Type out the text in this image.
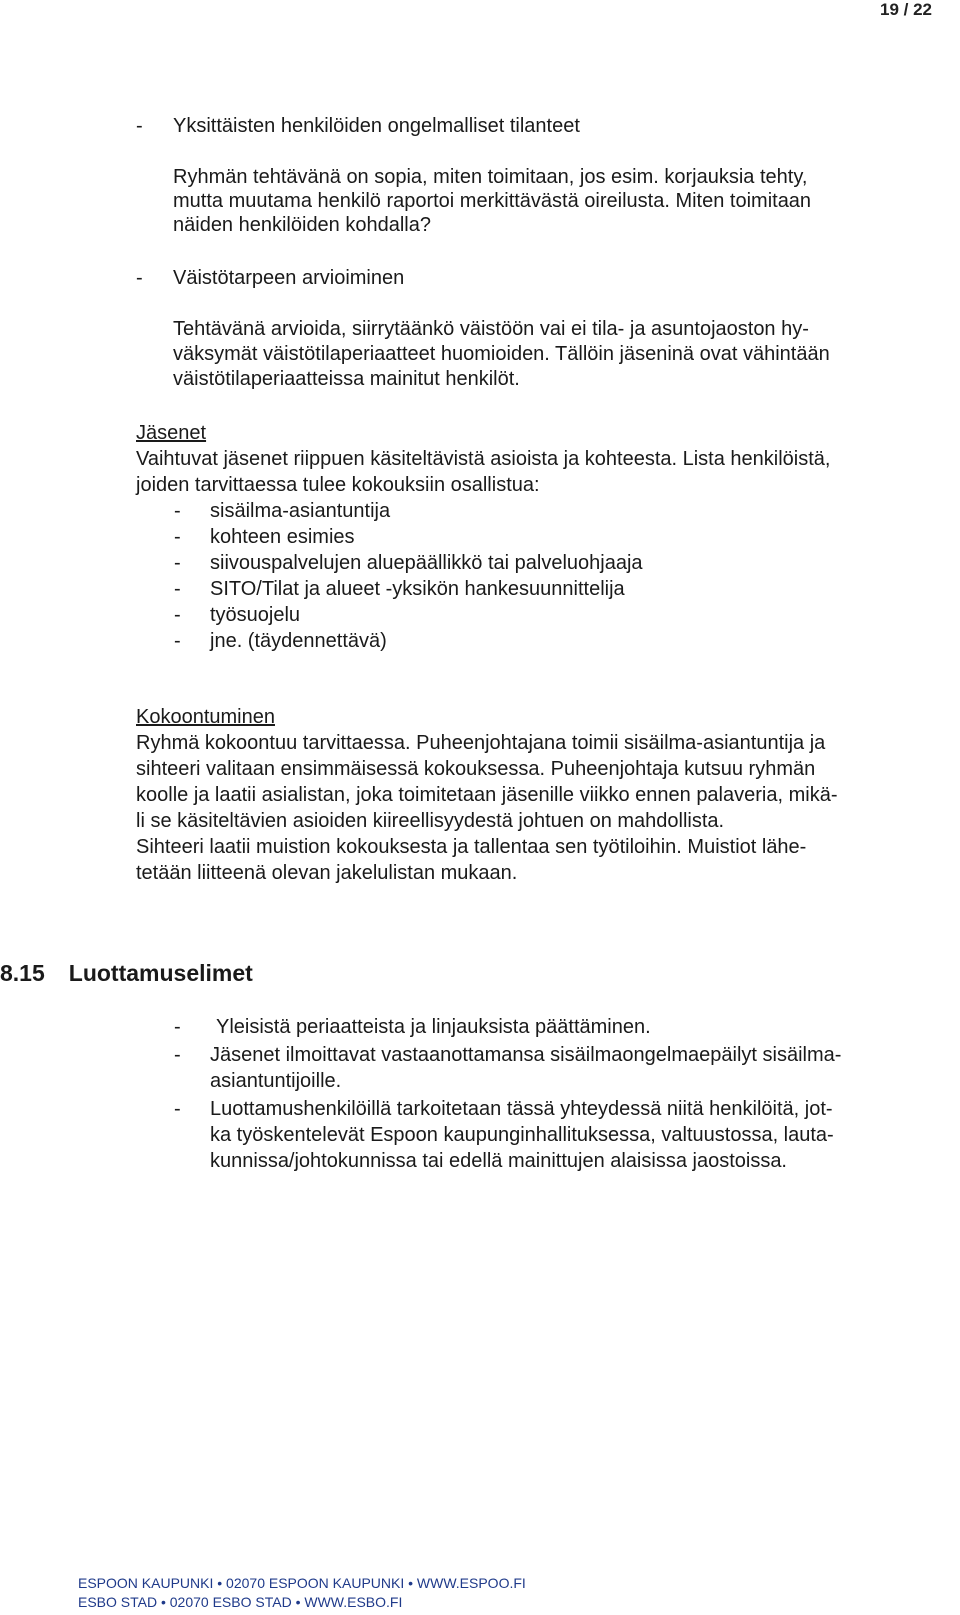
19 / 22
- Yksittäisten henkilöiden ongelmalliset tilanteet
Ryhmän tehtävänä on sopia, miten toimitaan, jos esim. korjauksia tehty,
mutta muutama henkilö raportoi merkittävästä oireilusta. Miten toimitaan
näiden henkilöiden kohdalla?
- Väistötarpeen arvioiminen
Tehtävänä arvioida, siirrytäänkö väistöön vai ei tila- ja asuntojaoston hy-
väksymät väistötilaperiaatteet huomioiden. Tällöin jäseninä ovat vähintään
väistötilaperiaatteissa mainitut henkilöt.
Jäsenet
Vaihtuvat jäsenet riippuen käsiteltävistä asioista ja kohteesta. Lista henkilöistä,
joiden tarvittaessa tulee kokouksiin osallistua:
- sisäilma-asiantuntija
- kohteen esimies
- siivouspalvelujen aluepäällikkö tai palveluohjaaja
- SITO/Tilat ja alueet -yksikön hankesuunnittelija
- työsuojelu
- jne. (täydennettävä)
Kokoontuminen
Ryhmä kokoontuu tarvittaessa. Puheenjohtajana toimii sisäilma-asiantuntija ja
sihteeri valitaan ensimmäisessä kokouksessa. Puheenjohtaja kutsuu ryhmän
koolle ja laatii asialistan, joka toimitetaan jäsenille viikko ennen palaveria, mikä-
li se käsiteltävien asioiden kiireellisyydestä johtuen on mahdollista.
Sihteeri laatii muistion kokouksesta ja tallentaa sen työtiloihin. Muistiot lähe-
tetään liitteenä olevan jakelulistan mukaan.
8.15 Luottamuselimet
- Yleisistä periaatteista ja linjauksista päättäminen.
- Jäsenet ilmoittavat vastaanottamansa sisäilmaongelmaepäilyt sisäilma-
asiantuntijoille.
- Luottamushenkilöillä tarkoitetaan tässä yhteydessä niitä henkilöitä, jot-
ka työskentelevät Espoon kaupunginhallituksessa, valtuustossa, lauta-
kunnissa/johtokunnissa tai edellä mainittujen alaisissa jaostoissa.
ESPOON KAUPUNKI • 02070 ESPOON KAUPUNKI • WWW.ESPOO.FI
ESBO STAD • 02070 ESBO STAD • WWW.ESBO.FI
